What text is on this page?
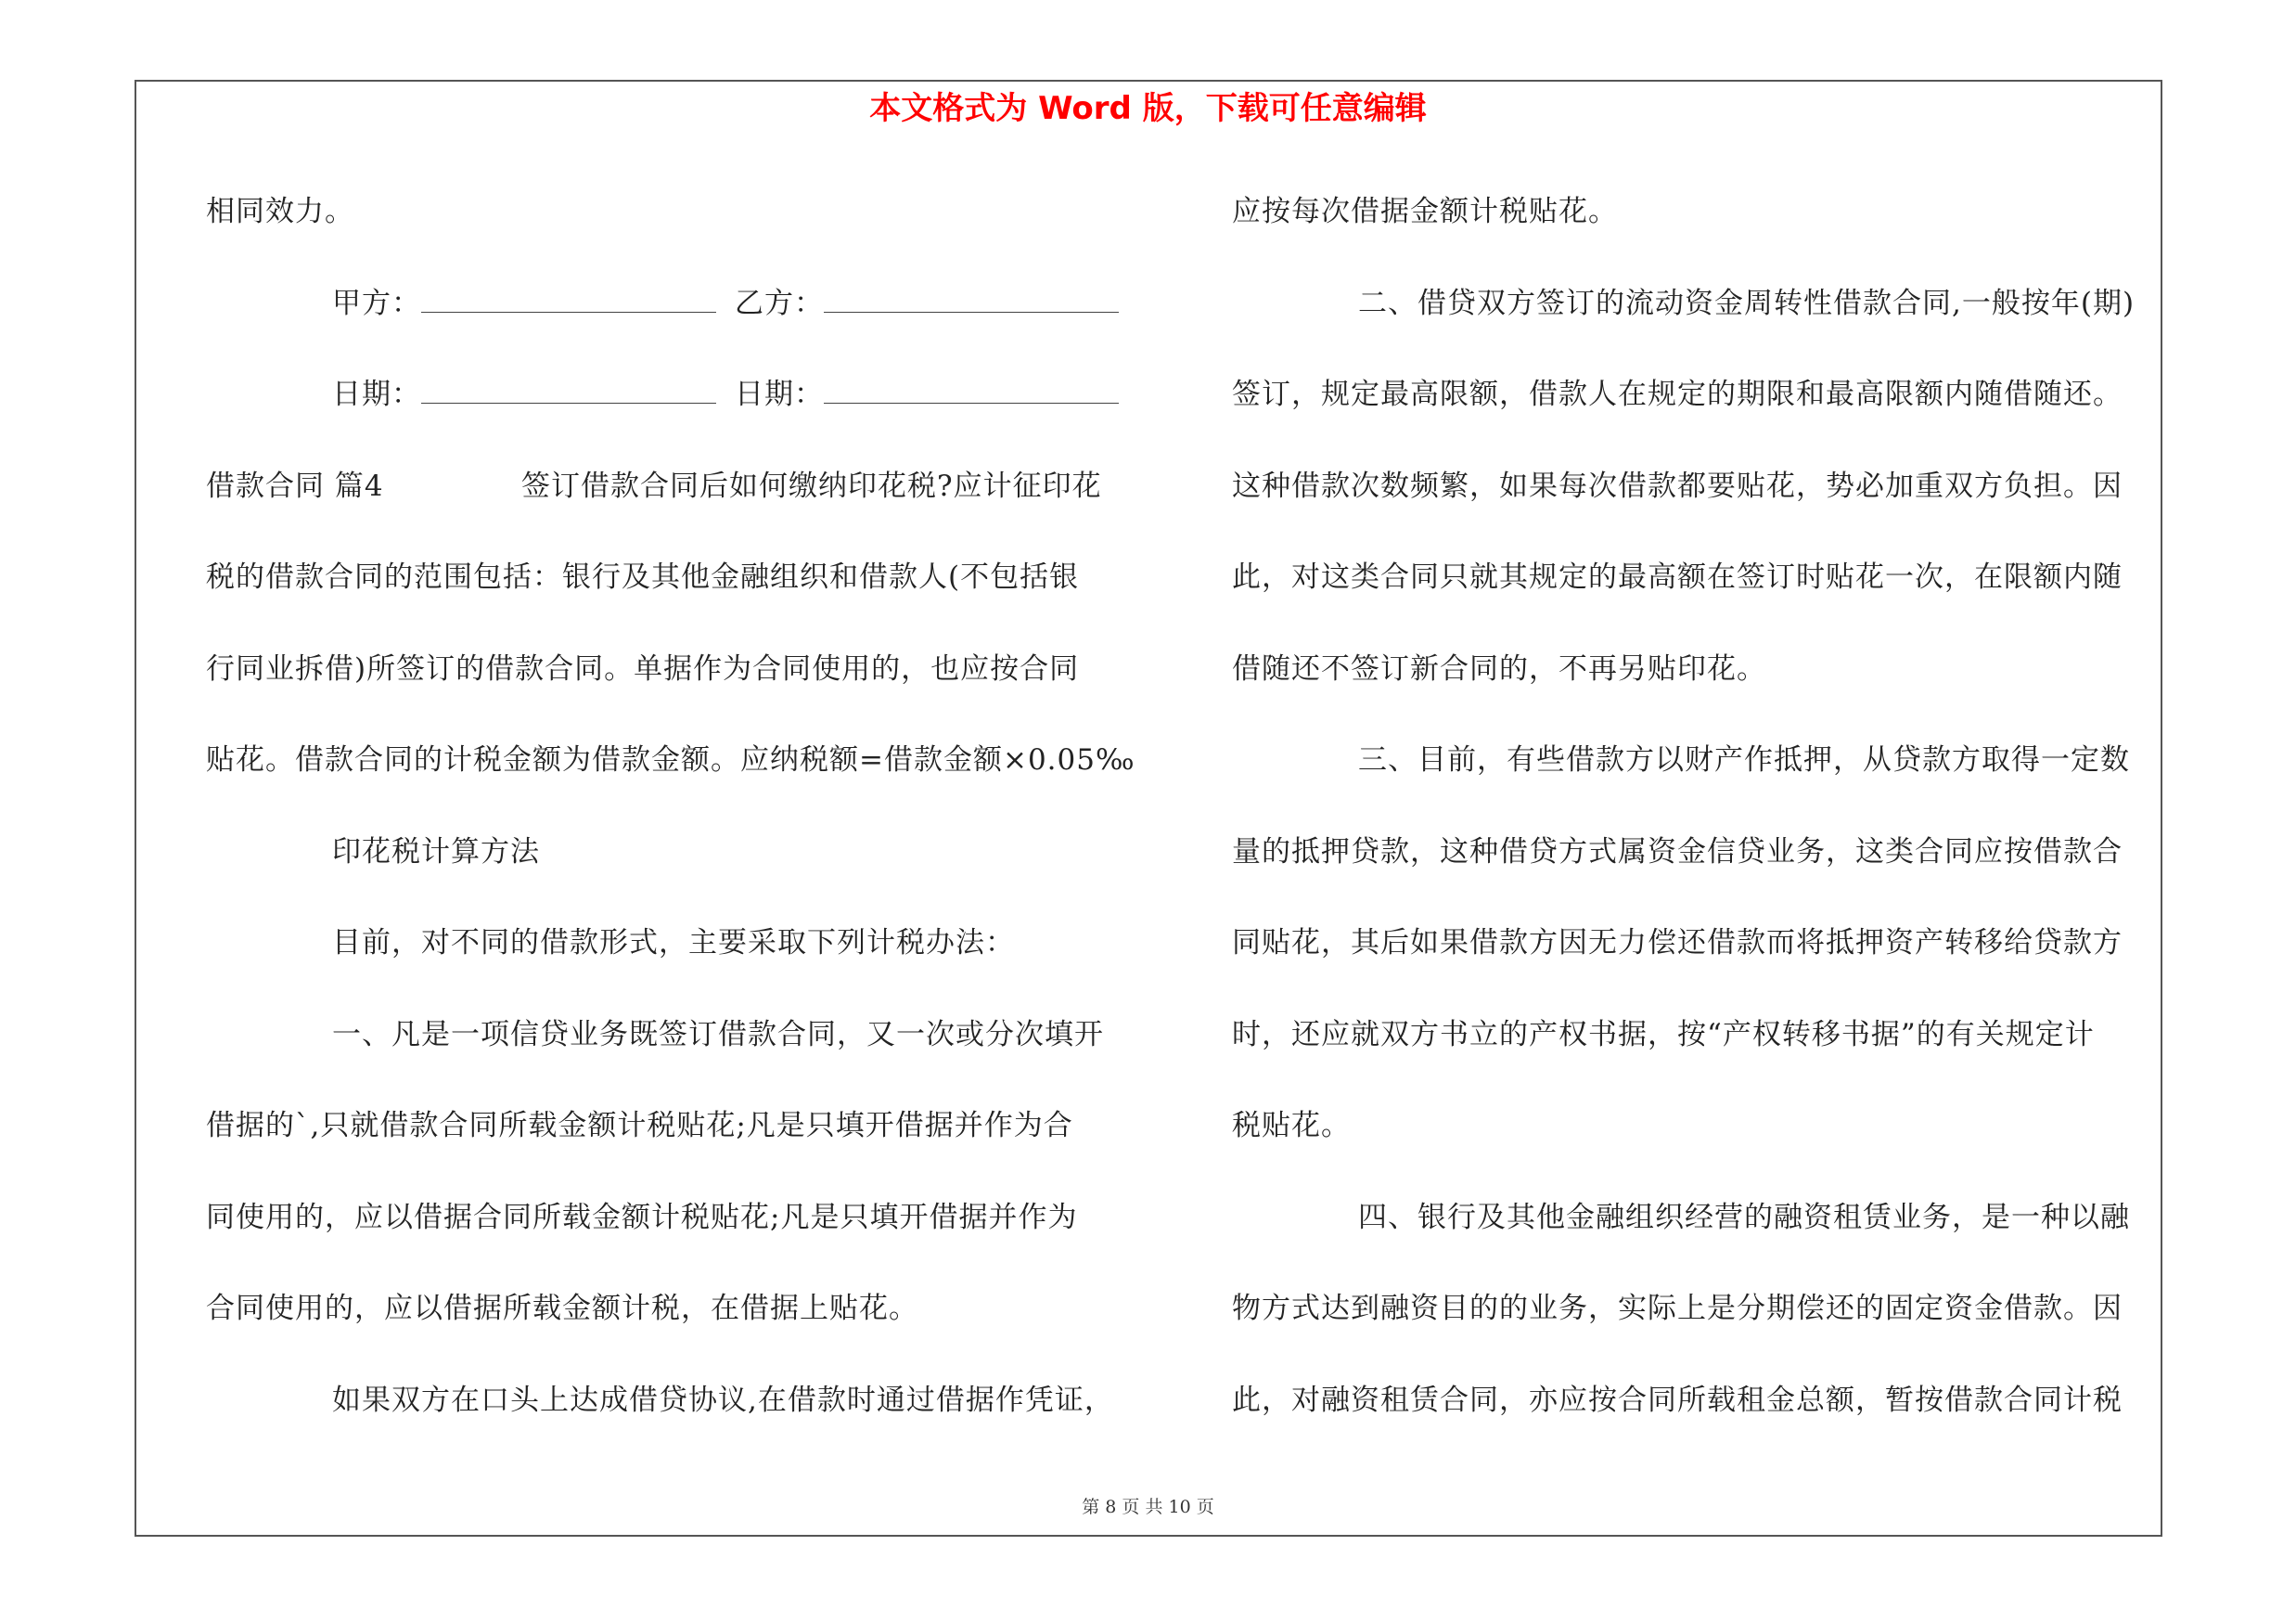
本文格式为 Word 版，下载可任意编辑
相同效力。
甲方：	乙方：
日期：	日期：
借款合同 篇4	签订借款合同后如何缴纳印花税?应计征印花
税的借款合同的范围包括：银行及其他金融组织和借款人(不包括银
行同业拆借)所签订的借款合同。单据作为合同使用的，也应按合同
贴花。借款合同的计税金额为借款金额。应纳税额=借款金额×0.05‰
印花税计算方法
目前，对不同的借款形式，主要采取下列计税办法：
一、凡是一项信贷业务既签订借款合同，又一次或分次填开
借据的`,只就借款合同所载金额计税贴花;凡是只填开借据并作为合
同使用的，应以借据合同所载金额计税贴花;凡是只填开借据并作为
合同使用的，应以借据所载金额计税，在借据上贴花。
如果双方在口头上达成借贷协议,在借款时通过借据作凭证，
应按每次借据金额计税贴花。
二、借贷双方签订的流动资金周转性借款合同,一般按年(期)
签订，规定最高限额，借款人在规定的期限和最高限额内随借随还。
这种借款次数频繁，如果每次借款都要贴花，势必加重双方负担。因
此，对这类合同只就其规定的最高额在签订时贴花一次，在限额内随
借随还不签订新合同的，不再另贴印花。
三、目前，有些借款方以财产作抵押，从贷款方取得一定数
量的抵押贷款，这种借贷方式属资金信贷业务，这类合同应按借款合
同贴花，其后如果借款方因无力偿还借款而将抵押资产转移给贷款方
时，还应就双方书立的产权书据，按“产权转移书据”的有关规定计
税贴花。
四、银行及其他金融组织经营的融资租赁业务，是一种以融
物方式达到融资目的的业务，实际上是分期偿还的固定资金借款。因
此，对融资租赁合同，亦应按合同所载租金总额，暂按借款合同计税
第 8 页 共 10 页
